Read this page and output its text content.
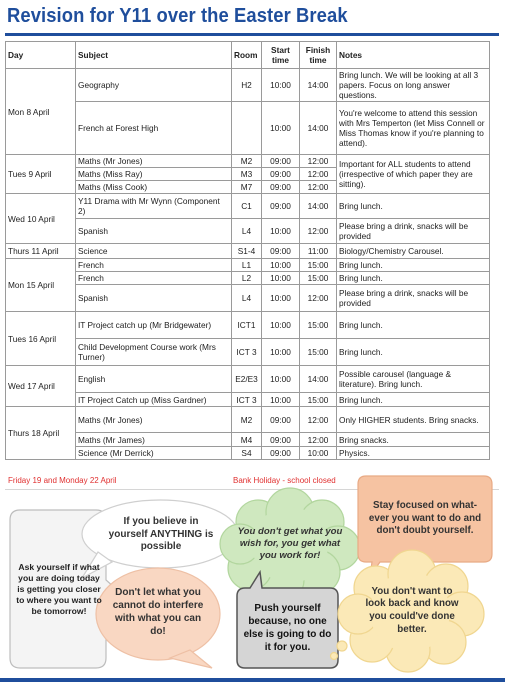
Revision for Y11 over the Easter Break
Day	Subject	Room	Start time	Finish time	Notes
Mon 8 April	Geography	H2	10:00	14:00	Bring lunch. We will be looking at all 3 papers. Focus on long answer questions.
	French at Forest High		10:00	14:00	You're welcome to attend this session with Mrs Temperton (let Miss Connell or Miss Thomas know if you're planning to attend).
Tues 9 April	Maths (Mr Jones)	M2	09:00	12:00	Important for ALL students to attend (irrespective of which paper they are sitting).
	Maths (Miss Ray)	M3	09:00	12:00	
	Maths (Miss Cook)	M7	09:00	12:00	
Wed 10 April	Y11 Drama with Mr Wynn (Component 2)	C1	09:00	14:00	Bring lunch.
	Spanish	L4	10:00	12:00	Please bring a drink, snacks will be provided
Thurs 11 April	Science	S1-4	09:00	11:00	Biology/Chemistry Carousel.
Mon 15 April	French	L1	10:00	15:00	Bring lunch.
	French	L2	10:00	15:00	Bring lunch.
	Spanish	L4	10:00	12:00	Please bring a drink, snacks will be provided
Tues 16 April	IT Project catch up (Mr Bridgewater)	ICT1	10:00	15:00	Bring lunch.
	Child Development Course work (Mrs Turner)	ICT 3	10:00	15:00	Bring lunch.
Wed 17 April	English	E2/E3	10:00	14:00	Possible carousel (language & literature). Bring lunch.
	IT Project Catch up (Miss Gardner)	ICT 3	10:00	15:00	Bring lunch.
Thurs 18 April	Maths (Mr Jones)	M2	09:00	12:00	Only HIGHER students. Bring snacks.
	Maths (Mr James)	M4	09:00	12:00	Bring snacks.
	Science (Mr Derrick)	S4	09:00	10:00	Physics.
Friday 19 and Monday 22 April	Bank Holiday - school closed
Ask yourself if what you are doing today is getting you closer to where you want to be tomorrow!
If you believe in yourself ANYTHING is possible
You don't get what you wish for, you get what you work for!
Stay focused on what-ever you want to do and don't doubt yourself.
Don't let what you cannot do interfere with what you can do!
Push yourself because, no one else is going to do it for you.
You don't want to look back and know you could've done better.
